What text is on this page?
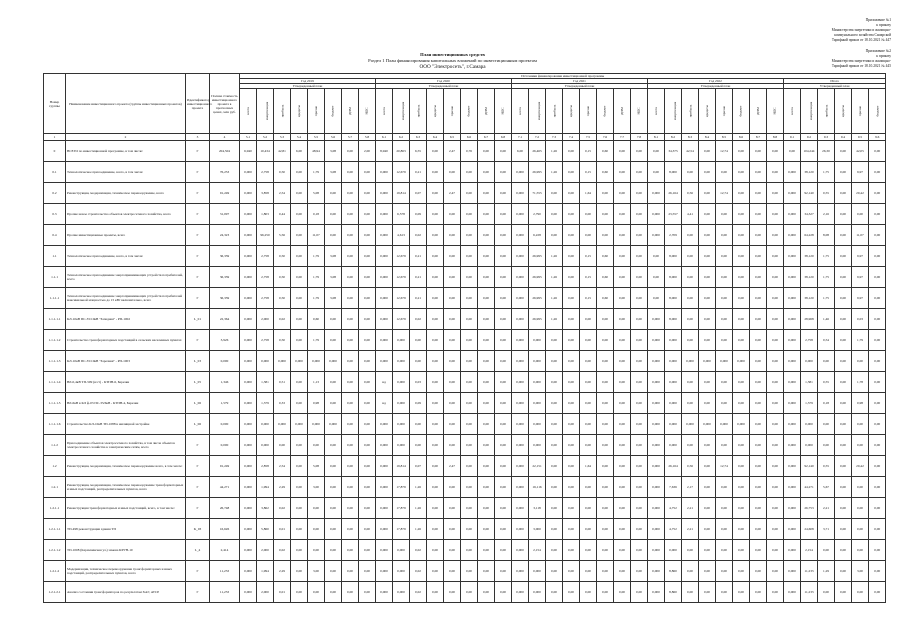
Приложение №1
к приказу
Министерства энергетики и жилищно-
коммунального хозяйства Самарской
Тарифный приказ от 18.10.2021 № 447
Приложение №2
к приказу
Министерства энергетики и жилищно-
Тарифный приказ от 18.10.2021 № 445
План инвестиционных средств
Раздел 1 План финансирования капитальных вложений по инвестиционным проектам
ООО "Электросеть", г.Самара
Номер группы	Наименование инвестиционного проекта (группы инвестиционных проектов)	Идентификатор инвестиционного проекта	Полная стоимость инвестиционного проекта в прогнозных ценах, млн руб.	Источники финансирования инвестиционной программы																																					
				Год 2019								Год 2020								Год 2021								Год 2022								Итого					
				Утвержденный план								Утвержденный план								Утвержденный план								Утвержденный план								Утвержденный план					
				всего	амортизация	прибыль	кредиты	прочие	бюджет	ДПМ	НДС	всего	амортизация	прибыль	кредиты	прочие	бюджет	ДПМ	НДС	всего	амортизация	прибыль	кредиты	прочие	бюджет	ДПМ	НДС	всего	амортизация	прибыль	кредиты	прочие	бюджет	ДПМ	НДС	всего	амортизация	прибыль	кредиты	прочие	бюджет
1	2	3	4	5.1	5.2	5.3	5.4	5.5	5.6	5.7	5.8	6.1	6.2	6.3	6.4	6.5	6.6	6.7	6.8	7.1	7.2	7.3	7.4	7.5	7.6	7.7	7.8	8.1	8.2	8.3	8.4	8.5	8.6	8.7	8.8	9.1	9.2	9.3	9.4	9.5	9.6
0	ВСЕГО по инвестиционной программе, в том числе:	Г	204,504	6,940	10,434	42,81	6,00	48,94	3,08	0,00	2,00	8,940	20,863	6,55	0,00	2,47	0,76	0,00	0,00	6,00	26,465	1,26	0,00	0,15	0,60	0,00	0,00	0,00	34,375	42,54	0,00	12,74	0,00	0,00	0,00	0,00	104,244	26,30	0,00	42,05	0,00
0.1	Технологическое присоединение, всего, в том числе:	Г	76,233	0,000	2,758	0,50	0,00	1,79	3,08	0,00	0,00	0,000	12,679	0,21	0,00	0,00	0,00	0,00	0,00	0,000	26,995	1,26	0,00	0,15	0,60	0,00	0,00	0,00	8,000	0,00	0,00	0,00	0,00	0,00	0,00	0,000	38,120	1,75	0,00	9,97	0,00
0.2	Реконструкция, модернизация, техническое перевооружение, всего	Г	91,249	0,000	3,858	2,54	0,00	5,08	0,00	0,00	0,00	0,000	19,814	0,07	0,00	2,47	0,00	0,00	0,00	0,000	71,555	0,00	0,00	1,64	0,00	0,00	0,00	0,000	26,164	0,56	0,00	12,74	0,00	0,00	0,00	0,000	92,140	0,55	0,00	20,42	0,00
0.3	Прочие новое строительство объектов электросетевого хозяйства, всего	Г	31,097	0,000	1,803	0,44	0,00	0,18	0,00	0,00	0,00	0,000	6,578	0,09	0,00	0,00	0,00	0,00	0,00	0,000	2,790	0,00	0,00	0,00	0,00	0,00	0,00	0,000	23,557	4,41	0,00	0,00	0,00	0,00	0,00	0,000	34,327	2,16	0,00	0,00	0,00
0.4	Прочие инвестиционные проекты, всего	Г	24,323	0,000	96,250	5,56	0,00	11,07	0,00	0,00	0,00	0,000	4,613	0,02	0,00	0,00	0,00	0,00	0,00	0,000	6,228	0,00	0,00	0,00	0,00	0,00	0,00	0,000	2,709	0,00	0,00	0,00	0,00	0,00	0,00	0,000	64,228	8,08	0,00	11,07	0,00
1.1	Технологическое присоединение, всего, в том числе:	Г	36,339	0,000	2,758	0,50	0,00	1,79	3,08	0,00	0,00	0,000	12,679	0,21	0,00	0,00	0,00	0,00	0,00	0,000	26,995	1,26	0,00	0,15	0,60	0,00	0,00	0,00	8,000	0,00	0,00	0,00	0,00	0,00	0,00	0,000	38,120	1,75	0,00	9,97	0,00
1.1.1	Технологическое присоединение энергопринимающих устройств потребителей, всего	Г	36,339	0,000	2,758	0,50	0,00	1,79	3,08	0,00	0,00	0,000	12,679	0,21	0,00	0,00	0,00	0,00	0,00	0,000	26,995	1,26	0,00	0,15	0,60	0,00	0,00	0,00	8,000	0,00	0,00	0,00	0,00	0,00	0,00	0,000	38,120	1,75	0,00	9,97	0,00
1.1.1.1	Технологическое присоединение энергопринимающих устройств потребителей максимальной мощностью до 15 кВт включительно, всего	Г	36,339	0,000	2,758	0,50	0,00	1,79	3,08	0,00	0,00	0,000	12,679	0,21	0,00	0,00	0,00	0,00	0,00	0,000	26,995	1,26	0,00	0,15	0,60	0,00	0,00	0,00	8,000	0,00	0,00	0,00	0,00	0,00	0,00	0,000	38,120	1,75	0,00	9,97	0,00
1.1.1.1.1	КЛ-10кВ ПС-35/10кВ "Западная" - РП-1002	L_01	22,364	0,000	2,000	0,02	0,00	0,60	0,00	0,00	0,00	0,000	12,679	0,02	0,00	0,00	0,00	0,00	0,00	0,000	26,995	1,26	0,00	0,00	0,00	0,00	0,00	0,000	8,000	0,00	0,00	0,00	0,00	0,00	0,00	0,000	28,968	1,46	0,00	0,03	0,00
1.1.1.1.2	Строительство трансформаторных подстанций в сельских населенных пунктах	Г	3,926	0,000	2,758	0,50	0,00	1,79	0,00	0,00	0,00	0,000	0,000	0,00	0,00	0,00	0,00	0,00	0,00	0,000	0,000	0,00	0,00	0,00	0,00	0,00	0,00	0,000	0,000	0,00	0,00	0,00	0,00	0,00	0,00	0,000	2,758	0,54	0,00	1,79	0,00
1.1.1.1.3	КЛ-10кВ ПС-35/10кВ "Заречная" - РП-1003	L_03	0,000	0,000	0,000	0,000	0,000	0,000	0,000	0,00	0,00	0,000	0,000	0,00	0,00	0,00	0,00	0,00	0,00	0,000	0,000	0,00	0,00	0,00	0,00	0,00	0,00	0,000	0,000	0,000	0,000	0,000	0,000	0,00	0,00	0,000	0,000	0,00	0,00	0,00	0,00
1.1.1.1.4	ВЛ-0,4кВ ТП-509 (н/ст) - КТПН-6, Березки	L_05	1,346	0,000	1,381	0,51	0,00	1,13	0,00	0,00	0,00	нд	0,000	0,03	0,00	0,00	0,00	0,00	0,00	0,000	0,000	0,00	0,00	0,00	0,00	0,00	0,00	0,000	0,000	0,00	0,00	0,00	0,00	0,00	0,00	0,000	1,381	0,55	0,00	1,78	0,00
1.1.1.1.5	ВЛ-6кВ в КЛ ф-03 ПС-35/6кВ - КТПН-4, Березки	L_06	1,579	0,000	1,379	0,33	0,00	0,98	0,00	0,00	0,00	нд	0,000	0,09	0,00	0,00	0,00	0,00	0,00	0,000	0,000	0,00	0,00	0,00	0,00	0,00	0,00	0,000	0,000	0,00	0,00	0,00	0,00	0,00	0,00	0,000	1,379	0,18	0,00	0,98	0,00
1.1.1.1.6	Строительство КЛ-10кВ ТП-1088 в жилищной застройке	L_06	0,000	0,000	0,000	0,000	0,000	0,000	0,000	0,00	0,00	0,000	0,000	0,00	0,00	0,00	0,00	0,00	0,00	0,000	0,000	0,00	0,00	0,00	0,00	0,00	0,00	0,000	0,000	0,000	0,000	0,000	0,000	0,00	0,00	0,000	0,000	0,00	0,00	0,00	0,00
1.1.2	Присоединение объектов электросетевого хозяйства, в том числе объектов электросетевого хозяйства к электрическим сетям, всего	Г	0,000	0,000	0,000	0,00	0,00	0,00	0,00	0,00	0,00	0,000	0,000	0,00	0,00	0,00	0,00	0,00	0,00	0,000	0,000	0,00	0,00	0,00	0,00	0,00	0,00	0,000	0,000	0,00	0,00	0,00	0,00	0,00	0,00	0,000	0,000	0,00	0,00	0,00	0,00
1.2	Реконструкция, модернизация, техническое перевооружение всего, в том числе:	Г	91,249	0,000	2,858	2,54	0,00	5,08	0,00	0,00	0,00	0,000	19,814	0,07	0,00	2,47	0,00	0,00	0,00	0,000	22,151	0,00	0,00	1,64	0,00	0,00	0,00	0,000	26,164	0,56	0,00	12,74	0,00	0,00	0,00	0,000	92,140	0,55	0,00	20,42	0,00
1.2.1	Реконструкция, модернизация, техническое перевооружение трансформаторных и иных подстанций, распределительных пунктов, всего	Г	44,271	0,000	1,994	2,29	0,00	3,00	0,00	0,00	0,00	0,000	17,879	1,26	0,00	0,00	0,00	0,00	0,00	0,000	16,116	0,00	0,00	0,00	0,00	0,00	0,00	0,000	7,636	2,17	0,00	0,00	0,00	0,00	0,00	0,000	44,271	5,67	0,00	0,00	0,00
1.2.1.1	Реконструкция трансформаторных и иных подстанций, всего, в том числе:	Г	26,748	0,000	3,862	0,02	0,00	0,00	0,00	0,00	0,00	0,000	17,879	1,26	0,00	0,00	0,00	0,00	0,00	0,000	3,118	0,00	0,00	0,00	0,00	0,00	0,00	0,000	4,752	2,21	0,00	0,00	0,00	0,00	0,00	0,000	26,753	2,21	0,00	0,00	0,00
1.2.1.1.1	ТП-498 реконструкция здания ТП	K_03	16,626	0,000	5,860	0,01	0,00	0,00	0,00	0,00	0,00	0,000	17,879	1,26	0,00	0,00	0,00	0,00	0,00	0,000	3,000	0,00	0,00	0,00	0,00	0,00	0,00	0,000	4,752	2,21	0,00	0,00	0,00	0,00	0,00	0,000	24,608	3,71	0,00	0,00	0,00
1.2.1.1.2	ТП-1008 (Карамзинская ул.) замена КРУН-10	L_4	2,414	0,000	2,000	0,02	0,00	0,00	0,00	0,00	0,00	0,000	0,000	0,02	0,00	0,00	0,00	0,00	0,00	0,000	2,154	0,00	0,00	0,00	0,00	0,00	0,00	0,000	0,000	0,00	0,00	0,00	0,00	0,00	0,00	0,000	2,154	0,00	0,00	0,00	0,00
1.2.1.2	Модернизация, техническое перевооружение трансформаторных и иных подстанций, распределительных пунктов, всего	Г	11,233	0,000	1,994	2,29	0,00	3,00	0,00	0,00	0,00	0,000	0,000	0,02	0,00	0,00	0,00	0,00	0,00	0,000	0,000	0,00	0,00	0,00	0,00	0,00	0,00	0,000	8,860	0,00	0,00	0,00	0,00	0,00	0,00	0,000	11,233	1,29	0,00	3,00	0,00
1.2.1.2.1	Анализ состояния трансформаторов по результатам ХАГ, АТСР	Г	11,233	0,000	2,000	0,01	0,00	0,00	0,00	0,00	0,00	0,000	0,000	0,02	0,00	0,00	0,00	0,00	0,00	0,000	0,000	0,00	0,00	0,00	0,00	0,00	0,00	0,000	8,860	0,00	0,00	0,00	0,00	0,00	0,00	0,000	11,233	0,00	0,00	0,00	0,00
